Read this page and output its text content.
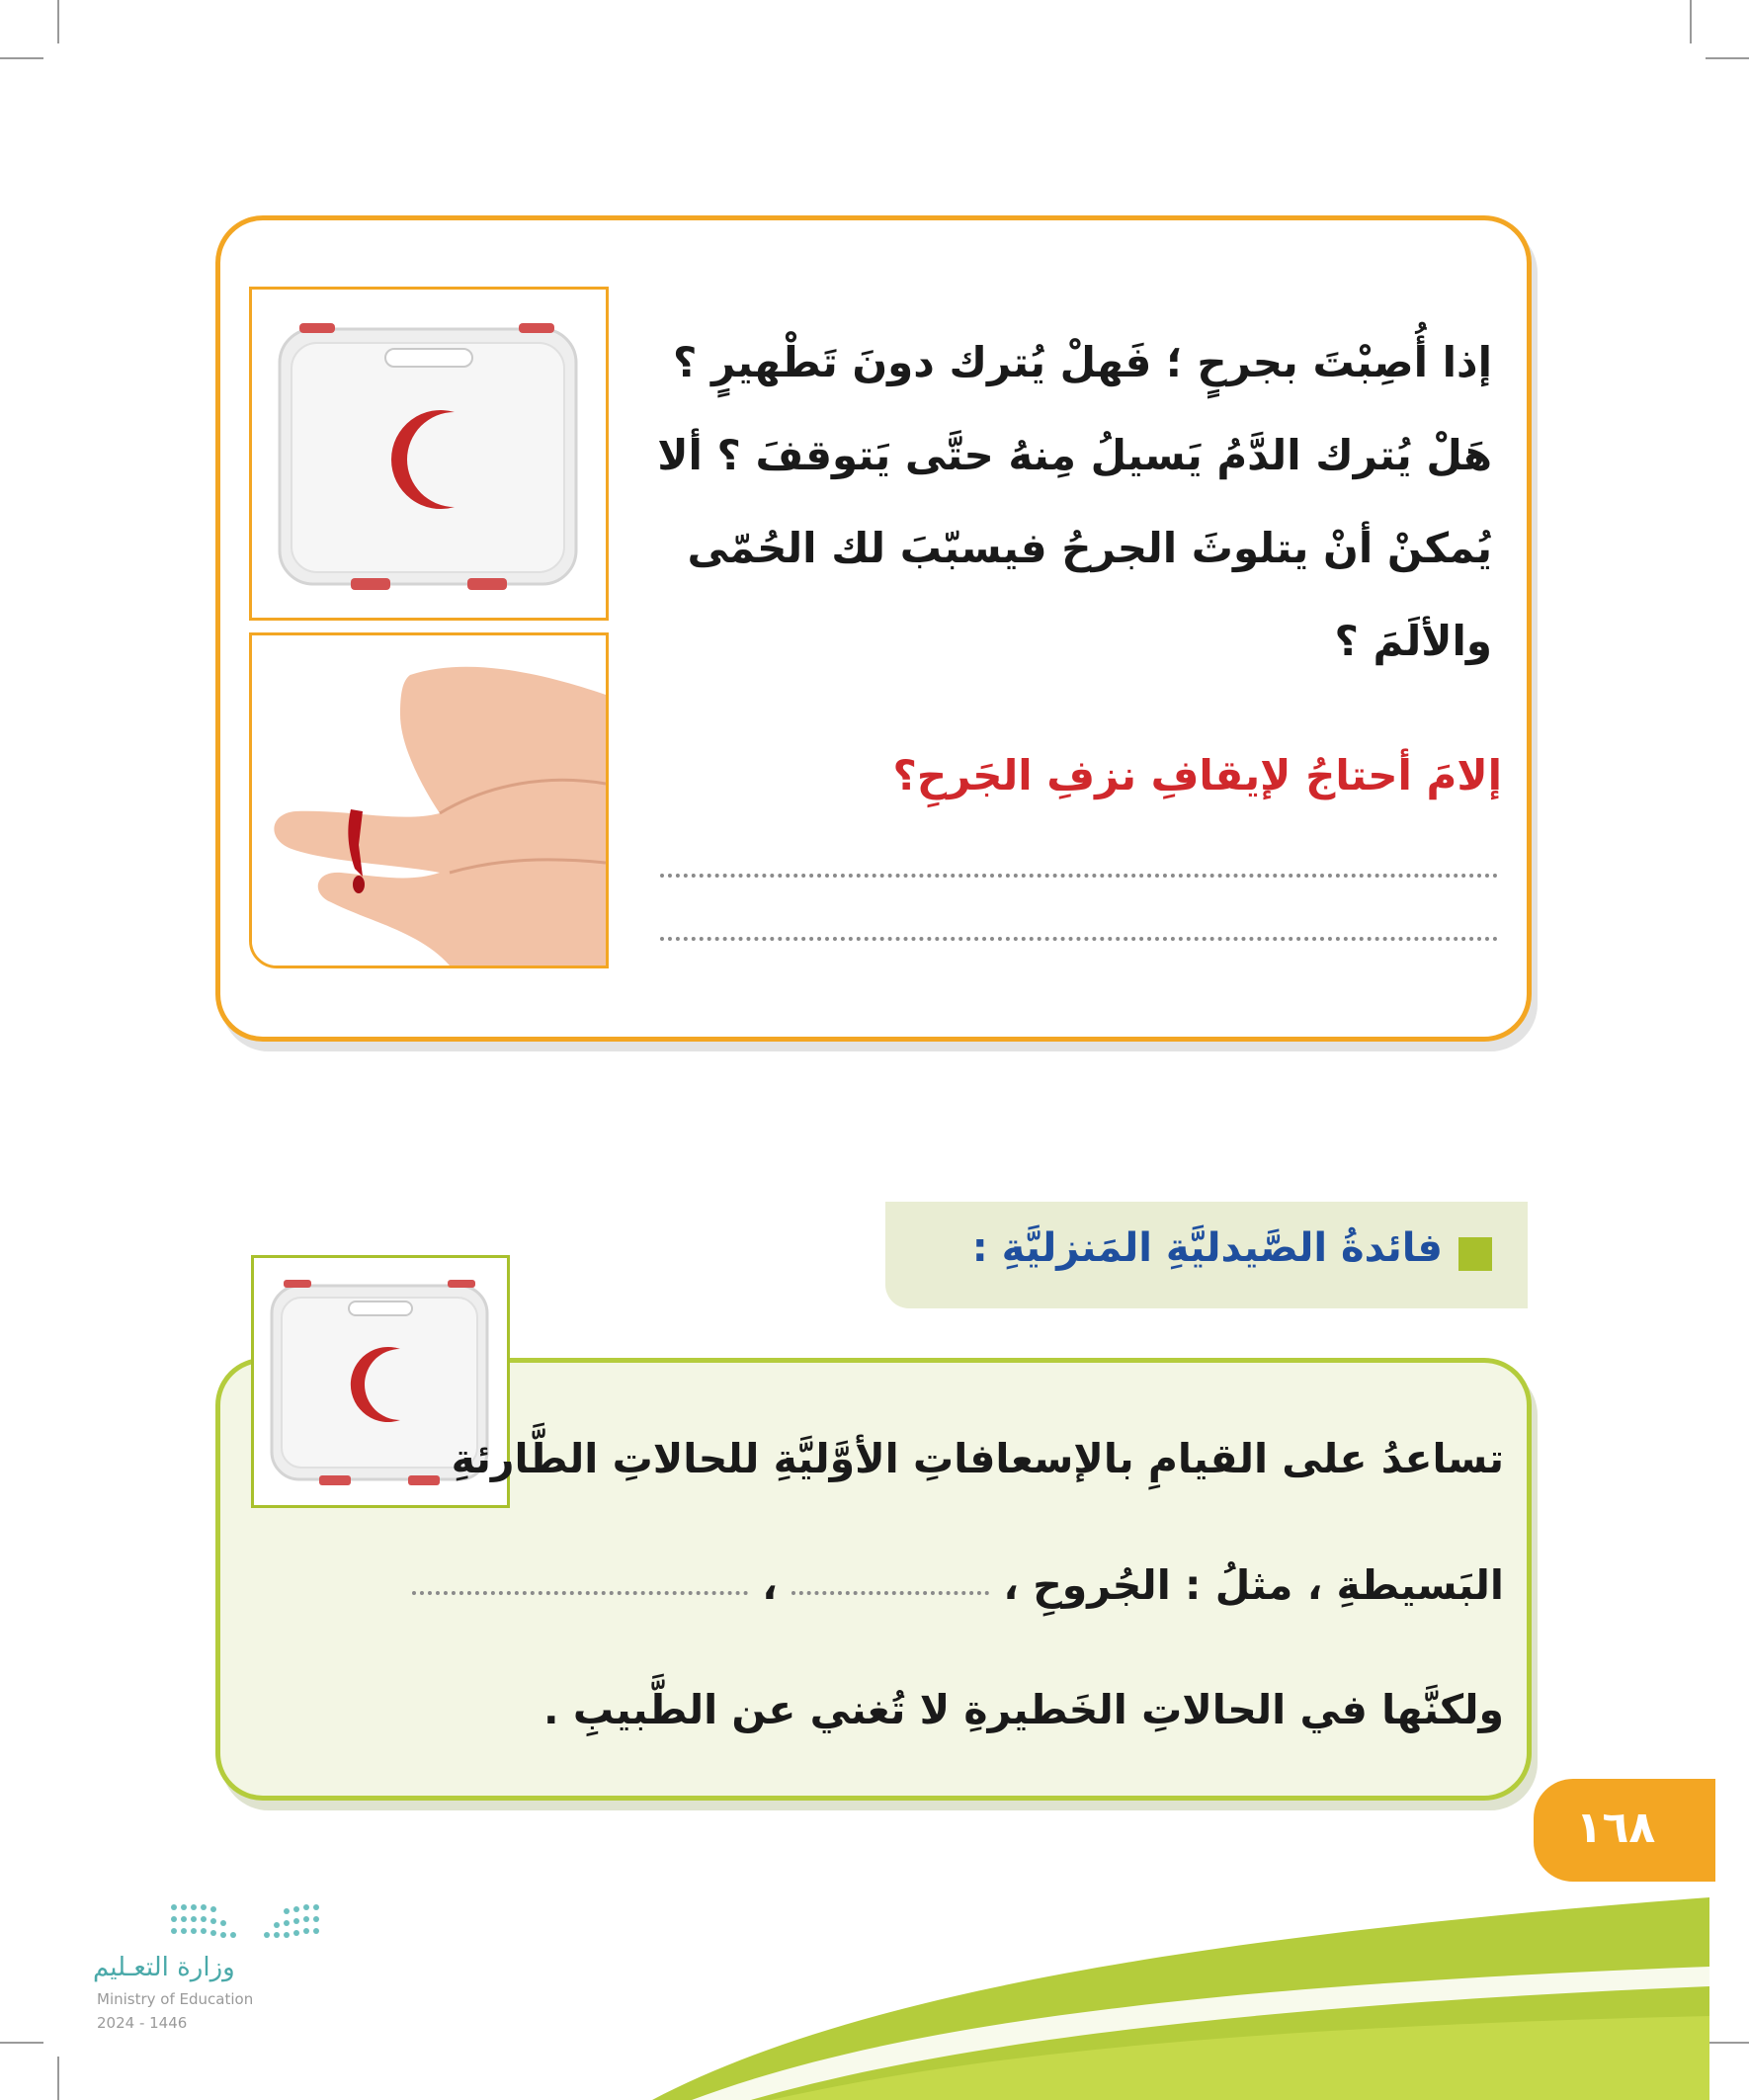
إذا أُصِبْتَ بجرحٍ ؛ فَهلْ يُترك دونَ تَطْهيرٍ ؟ هَلْ يُترك الدَّمُ يَسيلُ مِنهُ حتَّى يَتوقفَ ؟ ألا يُمكنْ أنْ يتلوثَ الجرحُ فيسبّبَ لك الحُمّى والألَمَ ؟
إلامَ أحتاجُ لإيقافِ نزفِ الجَرحِ؟
فائدةُ الصَّيدليَّةِ المَنزليَّةِ :
تساعدُ على القيامِ بالإسعافاتِ الأوَّليَّةِ للحالاتِ الطَّارئةِ
البَسيطةِ ، مثلُ : الجُروحِ ،  ،
ولكنَّها في الحالاتِ الخَطيرةِ لا تُغني عن الطَّبيبِ .
١٦٨
وزارة التعـليم
Ministry of Education
2024 - 1446
